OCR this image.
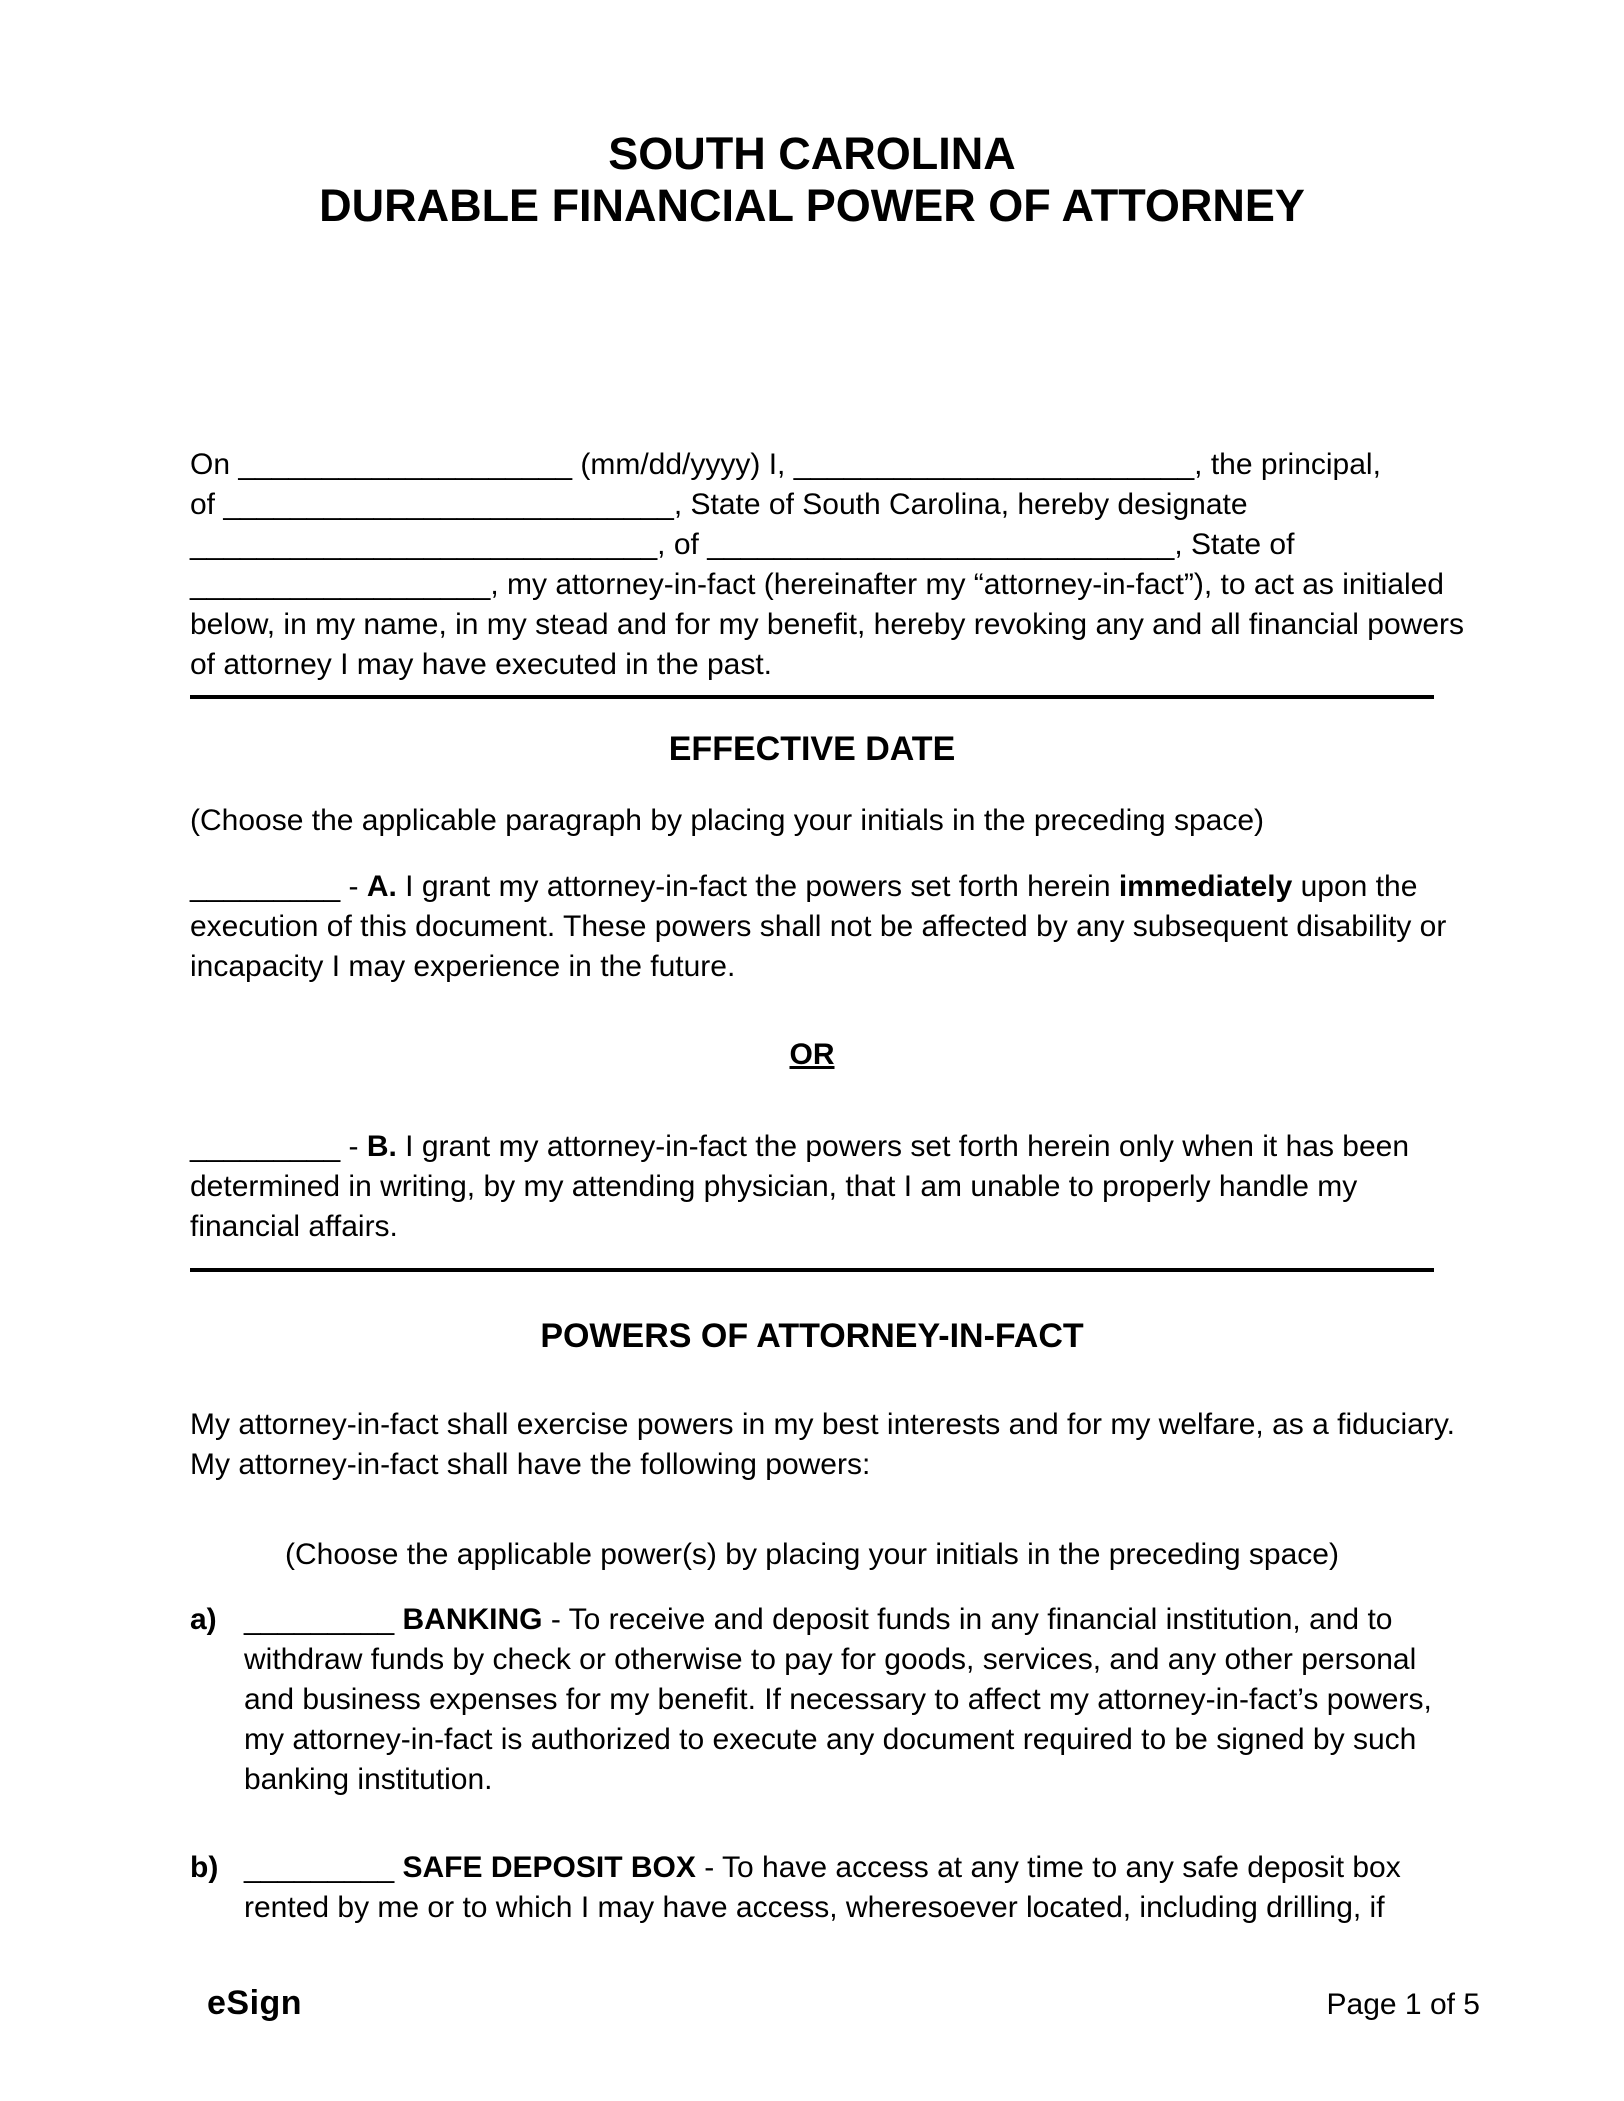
SOUTH CAROLINA
DURABLE FINANCIAL POWER OF ATTORNEY
On ____________________ (mm/dd/yyyy) I, ________________________, the principal,
of ___________________________, State of South Carolina, hereby designate
____________________________, of ____________________________, State of
__________________, my attorney-in-fact (hereinafter my “attorney-in-fact”), to act as initialed
below, in my name, in my stead and for my benefit, hereby revoking any and all financial powers
of attorney I may have executed in the past.
EFFECTIVE DATE
(Choose the applicable paragraph by placing your initials in the preceding space)
_________ - A. I grant my attorney-in-fact the powers set forth herein immediately upon the
execution of this document. These powers shall not be affected by any subsequent disability or
incapacity I may experience in the future.
OR
_________ - B. I grant my attorney-in-fact the powers set forth herein only when it has been
determined in writing, by my attending physician, that I am unable to properly handle my
financial affairs.
POWERS OF ATTORNEY-IN-FACT
My attorney-in-fact shall exercise powers in my best interests and for my welfare, as a fiduciary.
My attorney-in-fact shall have the following powers:
(Choose the applicable power(s) by placing your initials in the preceding space)
a) _________ BANKING - To receive and deposit funds in any financial institution, and to
withdraw funds by check or otherwise to pay for goods, services, and any other personal
and business expenses for my benefit. If necessary to affect my attorney-in-fact’s powers,
my attorney-in-fact is authorized to execute any document required to be signed by such
banking institution.
b) _________ SAFE DEPOSIT BOX - To have access at any time to any safe deposit box
rented by me or to which I may have access, wheresoever located, including drilling, if
eSign	Page 1 of 5
